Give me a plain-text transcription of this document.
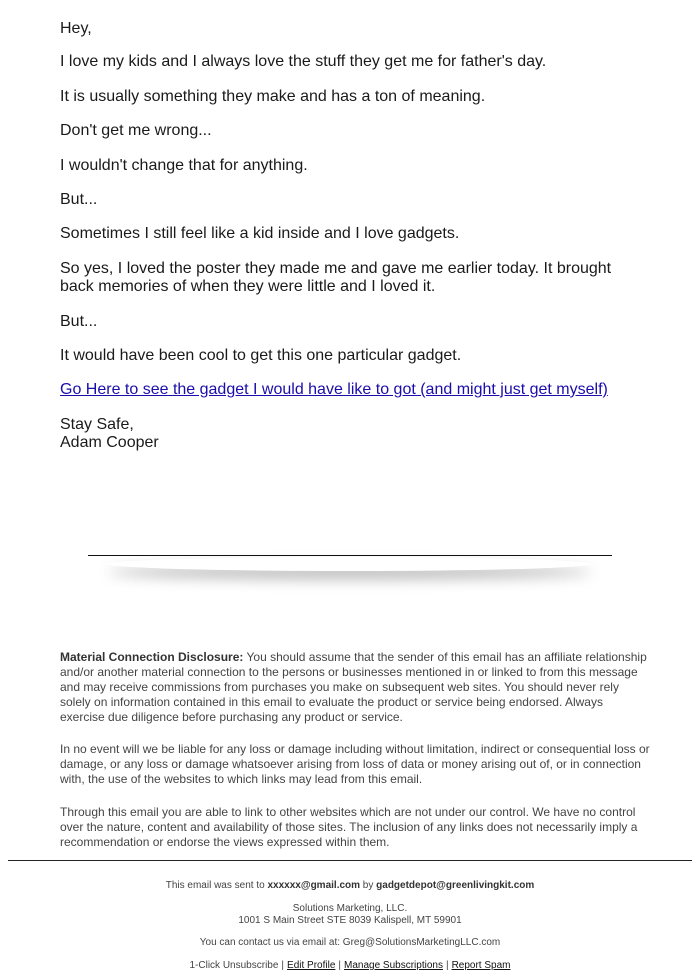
Hey,
I love my kids and I always love the stuff they get me for father's day.
It is usually something they make and has a ton of meaning.
Don't get me wrong...
I wouldn't change that for anything.
But...
Sometimes I still feel like a kid inside and I love gadgets.
So yes, I loved the poster they made me and gave me earlier today. It brought back memories of when they were little and I loved it.
But...
It would have been cool to get this one particular gadget.
Go Here to see the gadget I would have like to got (and might just get myself)
Stay Safe,
Adam Cooper
Material Connection Disclosure: You should assume that the sender of this email has an affiliate relationship and/or another material connection to the persons or businesses mentioned in or linked to from this message and may receive commissions from purchases you make on subsequent web sites. You should never rely solely on information contained in this email to evaluate the product or service being endorsed. Always exercise due diligence before purchasing any product or service.
In no event will we be liable for any loss or damage including without limitation, indirect or consequential loss or damage, or any loss or damage whatsoever arising from loss of data or money arising out of, or in connection with, the use of the websites to which links may lead from this email.
Through this email you are able to link to other websites which are not under our control. We have no control over the nature, content and availability of those sites. The inclusion of any links does not necessarily imply a recommendation or endorse the views expressed within them.
This email was sent to xxxxxx@gmail.com by gadgetdepot@greenlivingkit.com
Solutions Marketing, LLC.
1001 S Main Street STE 8039 Kalispell, MT 59901
You can contact us via email at: Greg@SolutionsMarketingLLC.com
1-Click Unsubscribe | Edit Profile | Manage Subscriptions | Report Spam
